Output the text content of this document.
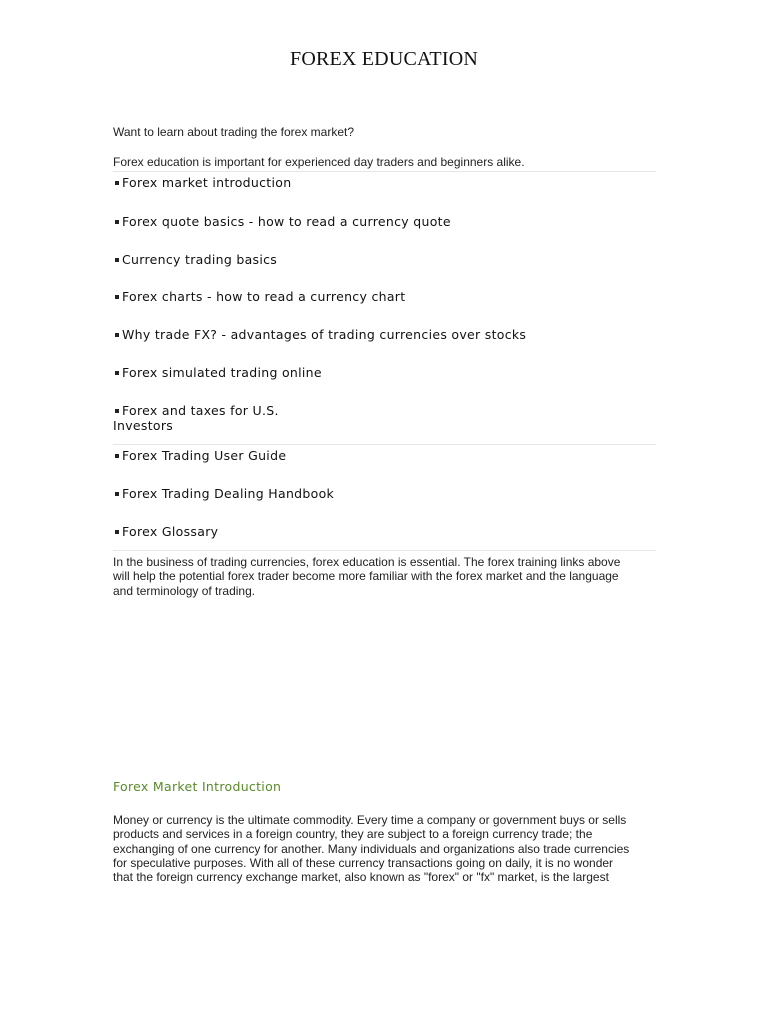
FOREX EDUCATION
Want to learn about trading the forex market?
Forex education is important for experienced day traders and beginners alike.
Forex market introduction
Forex quote basics - how to read a currency quote
Currency trading basics
Forex charts - how to read a currency chart
Why trade FX? - advantages of trading currencies over stocks
Forex simulated trading online
Forex and taxes for U.S.
Investors
Forex Trading User Guide
Forex Trading Dealing Handbook
Forex Glossary
In the business of trading currencies, forex education is essential. The forex training links above
will help the potential forex trader become more familiar with the forex market and the language
and terminology of trading.
Forex Market Introduction
Money or currency is the ultimate commodity. Every time a company or government buys or sells
products and services in a foreign country, they are subject to a foreign currency trade; the
exchanging of one currency for another. Many individuals and organizations also trade currencies
for speculative purposes. With all of these currency transactions going on daily, it is no wonder
that the foreign currency exchange market, also known as "forex" or "fx" market, is the largest
